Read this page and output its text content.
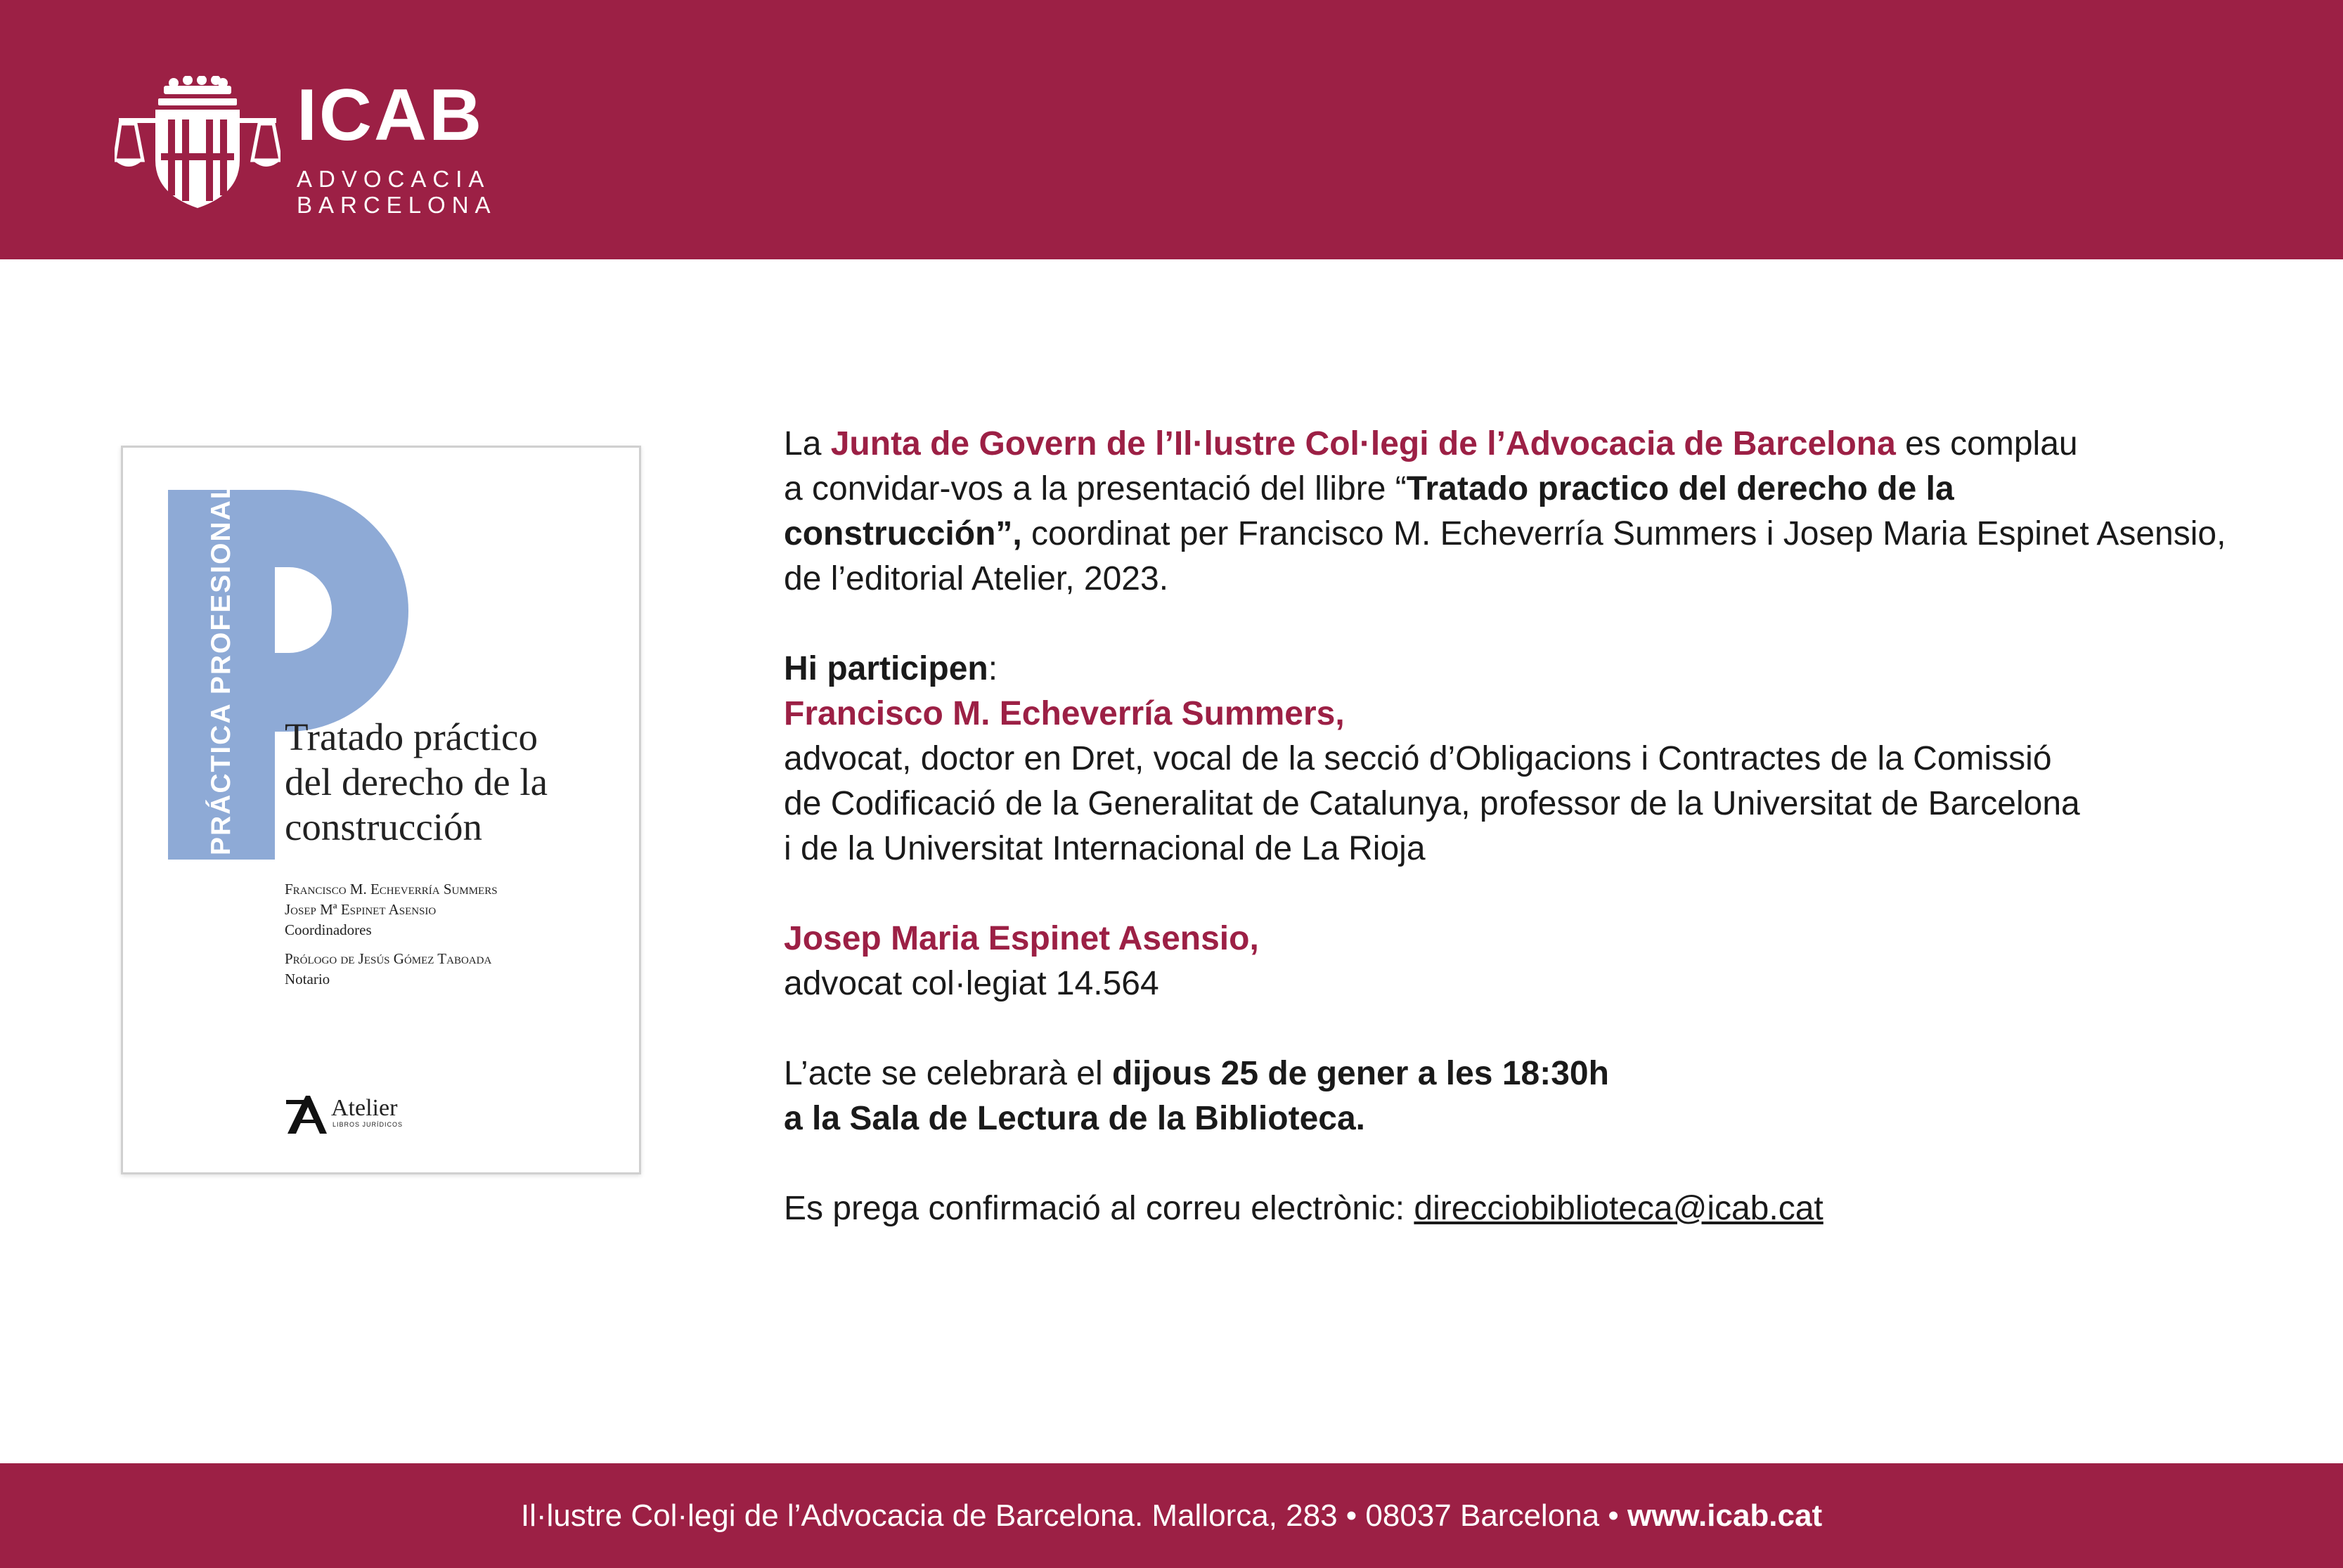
ICAB
ADVOCACIA
BARCELONA
PRÁCTICA PROFESIONAL Tratado práctico
del derecho de la
construcción
Francisco M. Echeverría Summers
Josep Mª Espinet Asensio
Coordinadores
Prólogo de Jesús Gómez Taboada
Notario
Atelier
LIBROS JURÍDICOS

La Junta de Govern de l’Il·lustre Col·legi de l’Advocacia de Barcelona es complau

a convidar-vos a la presentació del llibre “Tratado practico del derecho de la

construcción”, coordinat per Francisco M. Echeverría Summers i Josep Maria Espinet Asensio,

de l’editorial Atelier, 2023.

Hi participen:

Francisco M. Echeverría Summers,

advocat, doctor en Dret, vocal de la secció d’Obligacions i Contractes de la Comissió

de Codificació de la Generalitat de Catalunya, professor de la Universitat de Barcelona

i de la Universitat Internacional de La Rioja

Josep Maria Espinet Asensio,

advocat col·legiat 14.564

L’acte se celebrarà el dijous 25 de gener a les 18:30h

a la Sala de Lectura de la Biblioteca.

Es prega confirmació al correu electrònic: direcciobiblioteca@icab.cat

Il·lustre Col·legi de l’Advocacia de Barcelona. Mallorca, 283 • 08037 Barcelona • www.icab.cat
